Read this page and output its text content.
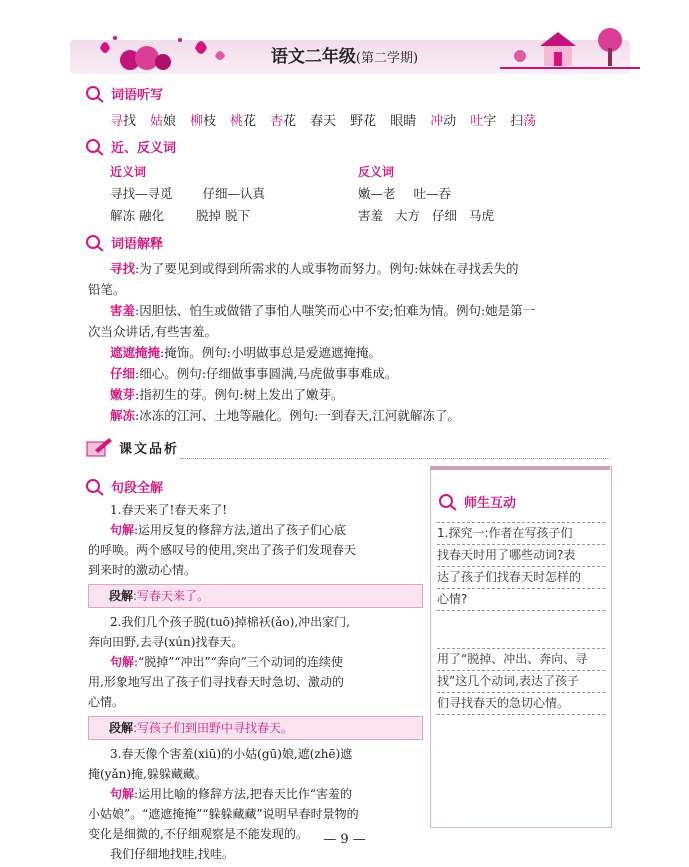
语文二年级(第二学期)
词语听写
寻找 姑娘 柳枝 桃花 杏花 春天 野花 眼睛 冲动 吐字 扫荡
近、反义词
近义词	反义词
寻找—寻觅 仔细—认真
解冻 融化	脱掉 脱下
嫩—老 吐—吞
害羞 大方 仔细 马虎
词语解释
寻找:为了要见到或得到所需求的人或事物而努力。例句:妹妹在寻找丢失的
铅笔。
害羞:因胆怯、怕生或做错了事怕人嗤笑而心中不安;怕难为情。例句:她是第一
次当众讲话,有些害羞。
遮遮掩掩:掩饰。例句:小明做事总是爱遮遮掩掩。
仔细:细心。例句:仔细做事事圆满,马虎做事事难成。
嫩芽:指初生的芽。例句:树上发出了嫩芽。
解冻:冰冻的江河、土地等融化。例句:一到春天,江河就解冻了。
课文品析
句段全解
1.春天来了!春天来了!
句解:运用反复的修辞方法,道出了孩子们心底
的呼唤。两个感叹号的使用,突出了孩子们发现春天
到来时的激动心情。
段解:写春天来了。
2.我们几个孩子脱(tuō)掉棉袄(ǎo),冲出家门,
奔向田野,去寻(xún)找春天。
句解:“脱掉”“冲出”“奔向”三个动词的连续使
用,形象地写出了孩子们寻找春天时急切、激动的
心情。
段解:写孩子们到田野中寻找春天。
3.春天像个害羞(xiū)的小姑(gū)娘,遮(zhē)遮
掩(yǎn)掩,躲躲藏藏。
句解:运用比喻的修辞方法,把春天比作“害羞的
小姑娘”。“遮遮掩掩”“躲躲藏藏”说明早春时景物的
变化是细微的,不仔细观察是不能发现的。
我们仔细地找哇,找哇。
师生互动
1.探究一:作者在写孩子们
找春天时用了哪些动词?表
达了孩子们找春天时怎样的
心情?
用了“脱掉、冲出、奔向、寻
找”这几个动词,表达了孩子
们寻找春天的急切心情。
— 9 —
